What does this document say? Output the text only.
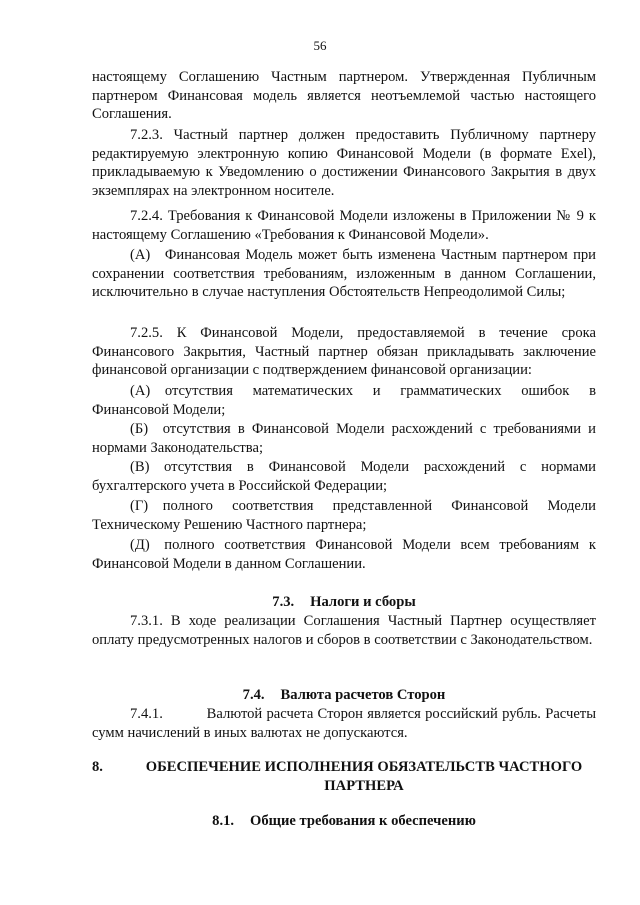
56

настоящему Соглашению Частным партнером. Утвержденная Публичным партнером Финансовая модель является неотъемлемой частью настоящего Соглашения.

7.2.3. Частный партнер должен предоставить Публичному партнеру редактируемую электронную копию Финансовой Модели (в формате Exel), прикладываемую к Уведомлению о достижении Финансового Закрытия в двух экземплярах на электронном носителе.

7.2.4. Требования к Финансовой Модели изложены в Приложении № 9 к настоящему Соглашению «Требования к Финансовой Модели».

(А) Финансовая Модель может быть изменена Частным партнером при сохранении соответствия требованиям, изложенным в данном Соглашении, исключительно в случае наступления Обстоятельств Непреодолимой Силы;

7.2.5. К Финансовой Модели, предоставляемой в течение срока Финансового Закрытия, Частный партнер обязан прикладывать заключение финансовой организации с подтверждением финансовой организации:

(А) отсутствия математических и грамматических ошибок в Финансовой Модели;

(Б) отсутствия в Финансовой Модели расхождений с требованиями и нормами Законодательства;

(В) отсутствия в Финансовой Модели расхождений с нормами бухгалтерского учета в Российской Федерации;

(Г) полного соответствия представленной Финансовой Модели Техническому Решению Частного партнера;

(Д) полного соответствия Финансовой Модели всем требованиям к Финансовой Модели в данном Соглашении.

7.3. Налоги и сборы

7.3.1. В ходе реализации Соглашения Частный Партнер осуществляет оплату предусмотренных налогов и сборов в соответствии с Законодательством.

7.4. Валюта расчетов Сторон

7.4.1.   Валютой расчета Сторон является российский рубль. Расчеты сумм начислений в иных валютах не допускаются.

8.	ОБЕСПЕЧЕНИЕ ИСПОЛНЕНИЯ ОБЯЗАТЕЛЬСТВ ЧАСТНОГО ПАРТНЕРА

8.1. Общие требования к обеспечению
